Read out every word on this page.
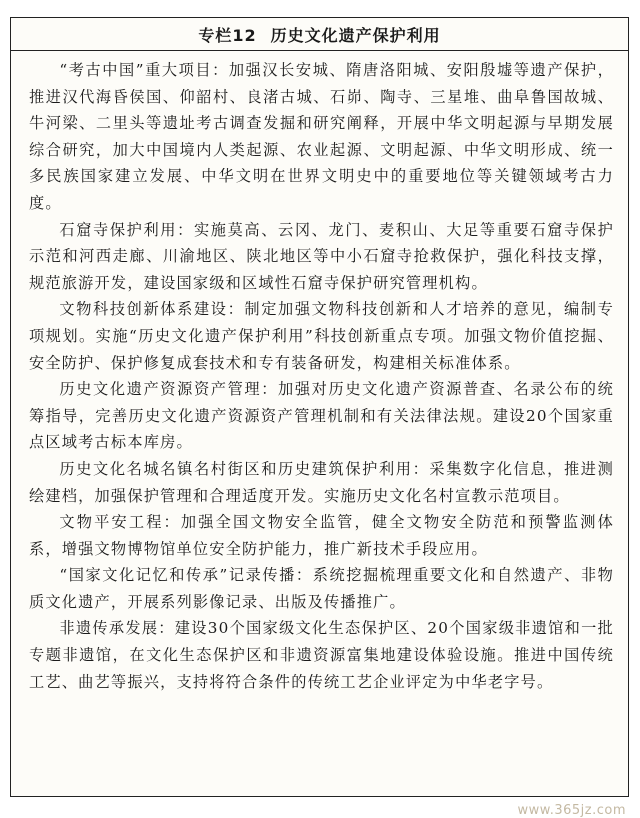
专栏12 历史文化遗产保护利用

“考古中国”重大项目：加强汉长安城、隋唐洛阳城、安阳殷墟等遗产保护，推进汉代海昏侯国、仰韶村、良渚古城、石峁、陶寺、三星堆、曲阜鲁国故城、牛河梁、二里头等遗址考古调查发掘和研究阐释，开展中华文明起源与早期发展综合研究，加大中国境内人类起源、农业起源、文明起源、中华文明形成、统一多民族国家建立发展、中华文明在世界文明史中的重要地位等关键领域考古力度。

石窟寺保护利用：实施莫高、云冈、龙门、麦积山、大足等重要石窟寺保护示范和河西走廊、川渝地区、陕北地区等中小石窟寺抢救保护，强化科技支撑，规范旅游开发，建设国家级和区域性石窟寺保护研究管理机构。

文物科技创新体系建设：制定加强文物科技创新和人才培养的意见，编制专项规划。实施“历史文化遗产保护利用”科技创新重点专项。加强文物价值挖掘、安全防护、保护修复成套技术和专有装备研发，构建相关标准体系。

历史文化遗产资源资产管理：加强对历史文化遗产资源普查、名录公布的统筹指导，完善历史文化遗产资源资产管理机制和有关法律法规。建设20个国家重点区域考古标本库房。

历史文化名城名镇名村街区和历史建筑保护利用：采集数字化信息，推进测绘建档，加强保护管理和合理适度开发。实施历史文化名村宣教示范项目。

文物平安工程：加强全国文物安全监管，健全文物安全防范和预警监测体系，增强文物博物馆单位安全防护能力，推广新技术手段应用。

“国家文化记忆和传承”记录传播：系统挖掘梳理重要文化和自然遗产、非物质文化遗产，开展系列影像记录、出版及传播推广。

非遗传承发展：建设30个国家级文化生态保护区、20个国家级非遗馆和一批专题非遗馆，在文化生态保护区和非遗资源富集地建设体验设施。推进中国传统工艺、曲艺等振兴，支持将符合条件的传统工艺企业评定为中华老字号。

www.365jz.com
